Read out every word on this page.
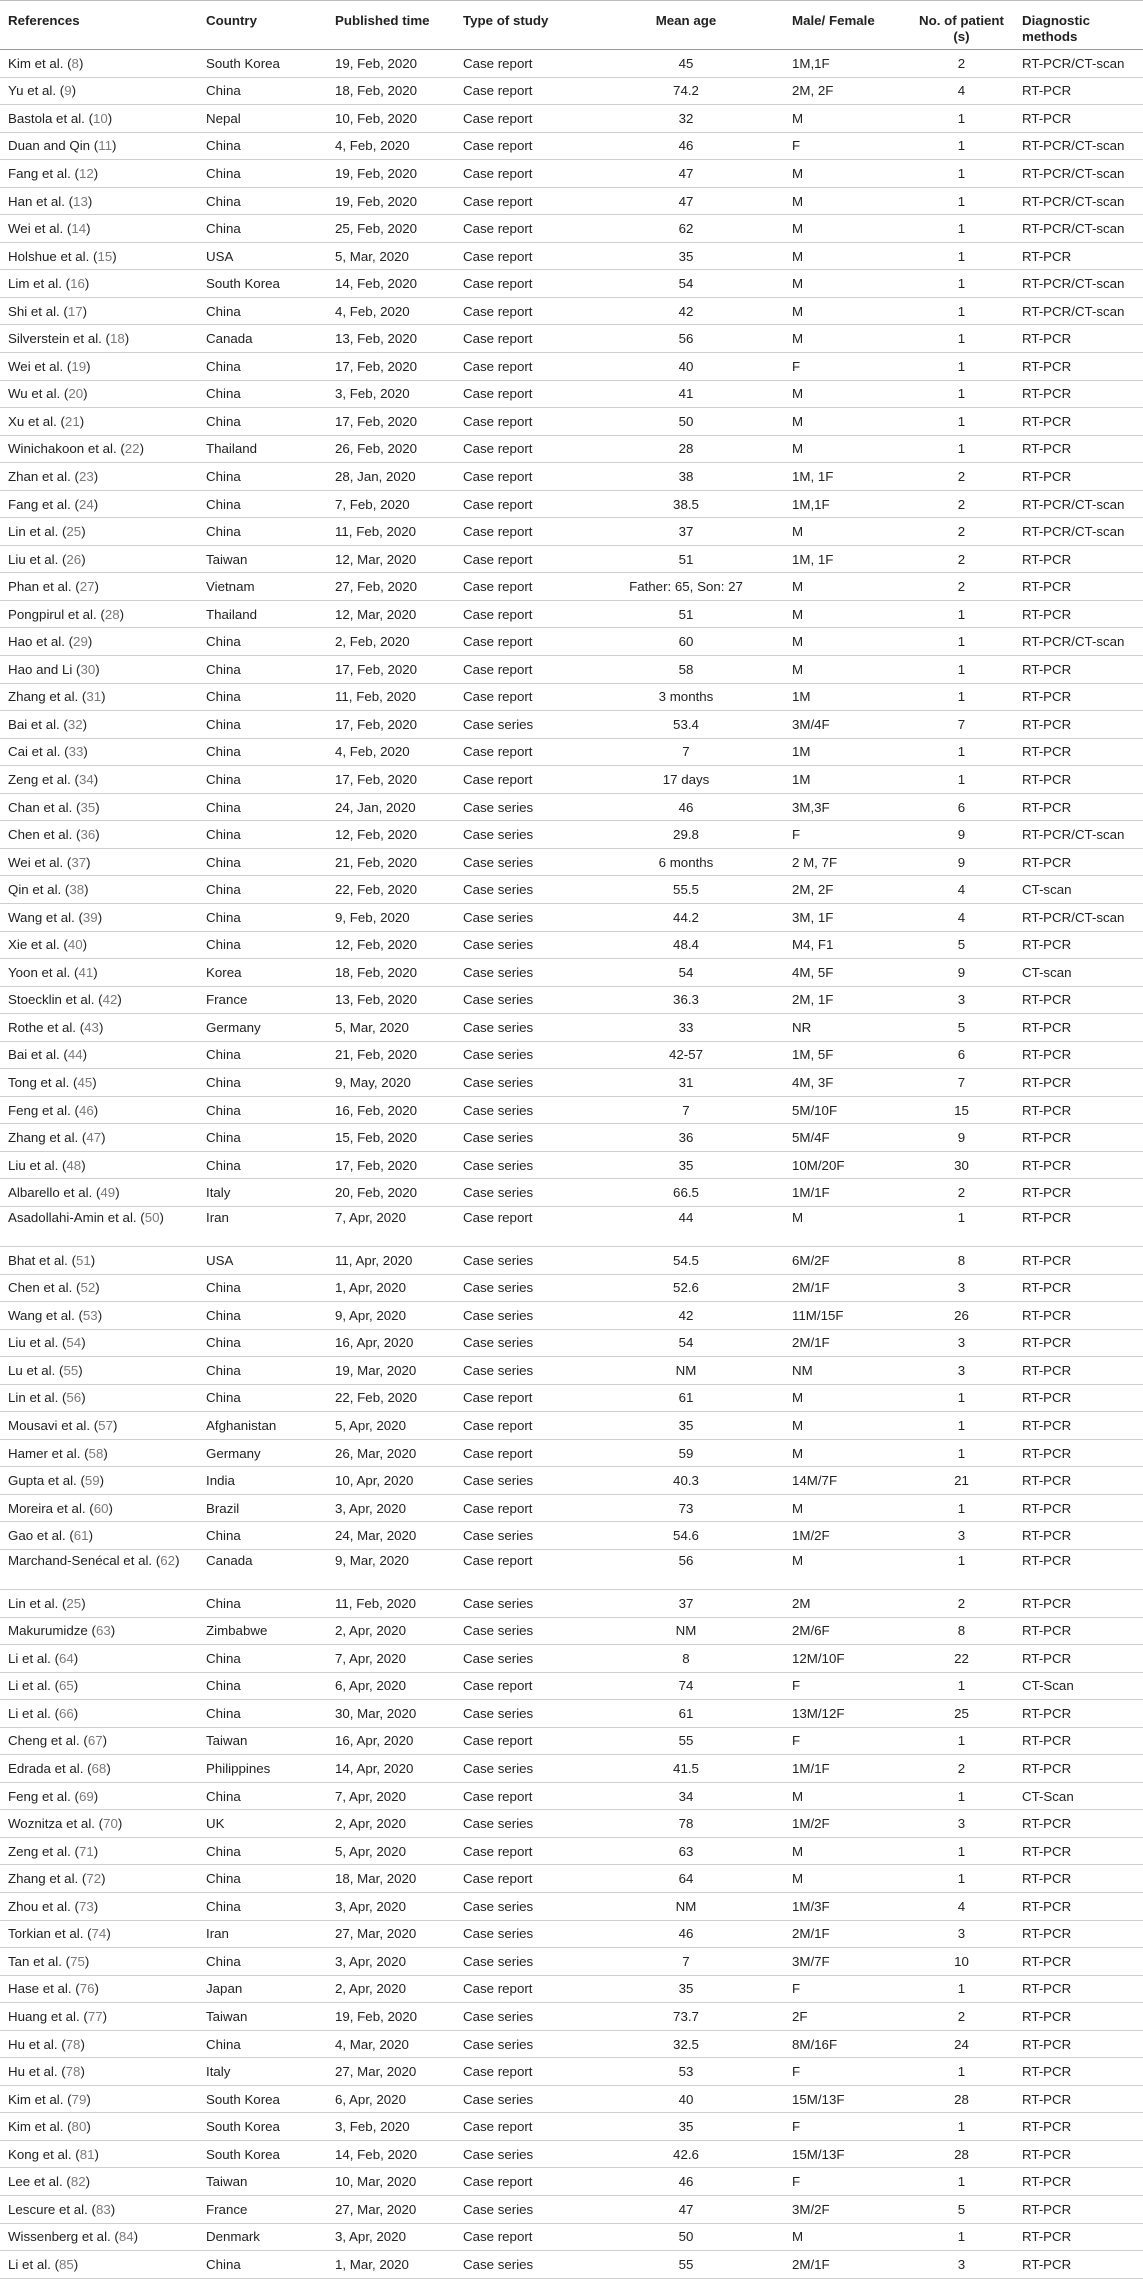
References	Country	Published time	Type of study	Mean age	Male/ Female	No. of patient (s)	Diagnostic methods
Kim et al. (8)	South Korea	19, Feb, 2020	Case report	45	1M,1F	2	RT-PCR/CT-scan
Yu et al. (9)	China	18, Feb, 2020	Case report	74.2	2M, 2F	4	RT-PCR
Bastola et al. (10)	Nepal	10, Feb, 2020	Case report	32	M	1	RT-PCR
Duan and Qin (11)	China	4, Feb, 2020	Case report	46	F	1	RT-PCR/CT-scan
Fang et al. (12)	China	19, Feb, 2020	Case report	47	M	1	RT-PCR/CT-scan
Han et al. (13)	China	19, Feb, 2020	Case report	47	M	1	RT-PCR/CT-scan
Wei et al. (14)	China	25, Feb, 2020	Case report	62	M	1	RT-PCR/CT-scan
Holshue et al. (15)	USA	5, Mar, 2020	Case report	35	M	1	RT-PCR
Lim et al. (16)	South Korea	14, Feb, 2020	Case report	54	M	1	RT-PCR/CT-scan
Shi et al. (17)	China	4, Feb, 2020	Case report	42	M	1	RT-PCR/CT-scan
Silverstein et al. (18)	Canada	13, Feb, 2020	Case report	56	M	1	RT-PCR
Wei et al. (19)	China	17, Feb, 2020	Case report	40	F	1	RT-PCR
Wu et al. (20)	China	3, Feb, 2020	Case report	41	M	1	RT-PCR
Xu et al. (21)	China	17, Feb, 2020	Case report	50	M	1	RT-PCR
Winichakoon et al. (22)	Thailand	26, Feb, 2020	Case report	28	M	1	RT-PCR
Zhan et al. (23)	China	28, Jan, 2020	Case report	38	1M, 1F	2	RT-PCR
Fang et al. (24)	China	7, Feb, 2020	Case report	38.5	1M,1F	2	RT-PCR/CT-scan
Lin et al. (25)	China	11, Feb, 2020	Case report	37	M	2	RT-PCR/CT-scan
Liu et al. (26)	Taiwan	12, Mar, 2020	Case report	51	1M, 1F	2	RT-PCR
Phan et al. (27)	Vietnam	27, Feb, 2020	Case report	Father: 65, Son: 27	M	2	RT-PCR
Pongpirul et al. (28)	Thailand	12, Mar, 2020	Case report	51	M	1	RT-PCR
Hao et al. (29)	China	2, Feb, 2020	Case report	60	M	1	RT-PCR/CT-scan
Hao and Li (30)	China	17, Feb, 2020	Case report	58	M	1	RT-PCR
Zhang et al. (31)	China	11, Feb, 2020	Case report	3 months	1M	1	RT-PCR
Bai et al. (32)	China	17, Feb, 2020	Case series	53.4	3M/4F	7	RT-PCR
Cai et al. (33)	China	4, Feb, 2020	Case report	7	1M	1	RT-PCR
Zeng et al. (34)	China	17, Feb, 2020	Case report	17 days	1M	1	RT-PCR
Chan et al. (35)	China	24, Jan, 2020	Case series	46	3M,3F	6	RT-PCR
Chen et al. (36)	China	12, Feb, 2020	Case series	29.8	F	9	RT-PCR/CT-scan
Wei et al. (37)	China	21, Feb, 2020	Case series	6 months	2 M, 7F	9	RT-PCR
Qin et al. (38)	China	22, Feb, 2020	Case series	55.5	2M, 2F	4	CT-scan
Wang et al. (39)	China	9, Feb, 2020	Case series	44.2	3M, 1F	4	RT-PCR/CT-scan
Xie et al. (40)	China	12, Feb, 2020	Case series	48.4	M4, F1	5	RT-PCR
Yoon et al. (41)	Korea	18, Feb, 2020	Case series	54	4M, 5F	9	CT-scan
Stoecklin et al. (42)	France	13, Feb, 2020	Case series	36.3	2M, 1F	3	RT-PCR
Rothe et al. (43)	Germany	5, Mar, 2020	Case series	33	NR	5	RT-PCR
Bai et al. (44)	China	21, Feb, 2020	Case series	42-57	1M, 5F	6	RT-PCR
Tong et al. (45)	China	9, May, 2020	Case series	31	4M, 3F	7	RT-PCR
Feng et al. (46)	China	16, Feb, 2020	Case series	7	5M/10F	15	RT-PCR
Zhang et al. (47)	China	15, Feb, 2020	Case series	36	5M/4F	9	RT-PCR
Liu et al. (48)	China	17, Feb, 2020	Case series	35	10M/20F	30	RT-PCR
Albarello et al. (49)	Italy	20, Feb, 2020	Case series	66.5	1M/1F	2	RT-PCR
Asadollahi-Amin et al. (50)	Iran	7, Apr, 2020	Case report	44	M	1	RT-PCR
Bhat et al. (51)	USA	11, Apr, 2020	Case series	54.5	6M/2F	8	RT-PCR
Chen et al. (52)	China	1, Apr, 2020	Case series	52.6	2M/1F	3	RT-PCR
Wang et al. (53)	China	9, Apr, 2020	Case series	42	11M/15F	26	RT-PCR
Liu et al. (54)	China	16, Apr, 2020	Case series	54	2M/1F	3	RT-PCR
Lu et al. (55)	China	19, Mar, 2020	Case series	NM	NM	3	RT-PCR
Lin et al. (56)	China	22, Feb, 2020	Case report	61	M	1	RT-PCR
Mousavi et al. (57)	Afghanistan	5, Apr, 2020	Case report	35	M	1	RT-PCR
Hamer et al. (58)	Germany	26, Mar, 2020	Case report	59	M	1	RT-PCR
Gupta et al. (59)	India	10, Apr, 2020	Case series	40.3	14M/7F	21	RT-PCR
Moreira et al. (60)	Brazil	3, Apr, 2020	Case report	73	M	1	RT-PCR
Gao et al. (61)	China	24, Mar, 2020	Case series	54.6	1M/2F	3	RT-PCR
Marchand-Senécal et al. (62)	Canada	9, Mar, 2020	Case report	56	M	1	RT-PCR
Lin et al. (25)	China	11, Feb, 2020	Case series	37	2M	2	RT-PCR
Makurumidze (63)	Zimbabwe	2, Apr, 2020	Case series	NM	2M/6F	8	RT-PCR
Li et al. (64)	China	7, Apr, 2020	Case series	8	12M/10F	22	RT-PCR
Li et al. (65)	China	6, Apr, 2020	Case report	74	F	1	CT-Scan
Li et al. (66)	China	30, Mar, 2020	Case series	61	13M/12F	25	RT-PCR
Cheng et al. (67)	Taiwan	16, Apr, 2020	Case report	55	F	1	RT-PCR
Edrada et al. (68)	Philippines	14, Apr, 2020	Case series	41.5	1M/1F	2	RT-PCR
Feng et al. (69)	China	7, Apr, 2020	Case report	34	M	1	CT-Scan
Woznitza et al. (70)	UK	2, Apr, 2020	Case series	78	1M/2F	3	RT-PCR
Zeng et al. (71)	China	5, Apr, 2020	Case report	63	M	1	RT-PCR
Zhang et al. (72)	China	18, Mar, 2020	Case report	64	M	1	RT-PCR
Zhou et al. (73)	China	3, Apr, 2020	Case series	NM	1M/3F	4	RT-PCR
Torkian et al. (74)	Iran	27, Mar, 2020	Case series	46	2M/1F	3	RT-PCR
Tan et al. (75)	China	3, Apr, 2020	Case series	7	3M/7F	10	RT-PCR
Hase et al. (76)	Japan	2, Apr, 2020	Case report	35	F	1	RT-PCR
Huang et al. (77)	Taiwan	19, Feb, 2020	Case series	73.7	2F	2	RT-PCR
Hu et al. (78)	China	4, Mar, 2020	Case series	32.5	8M/16F	24	RT-PCR
Hu et al. (78)	Italy	27, Mar, 2020	Case report	53	F	1	RT-PCR
Kim et al. (79)	South Korea	6, Apr, 2020	Case series	40	15M/13F	28	RT-PCR
Kim et al. (80)	South Korea	3, Feb, 2020	Case report	35	F	1	RT-PCR
Kong et al. (81)	South Korea	14, Feb, 2020	Case series	42.6	15M/13F	28	RT-PCR
Lee et al. (82)	Taiwan	10, Mar, 2020	Case report	46	F	1	RT-PCR
Lescure et al. (83)	France	27, Mar, 2020	Case series	47	3M/2F	5	RT-PCR
Wissenberg et al. (84)	Denmark	3, Apr, 2020	Case report	50	M	1	RT-PCR
Li et al. (85)	China	1, Mar, 2020	Case series	55	2M/1F	3	RT-PCR
